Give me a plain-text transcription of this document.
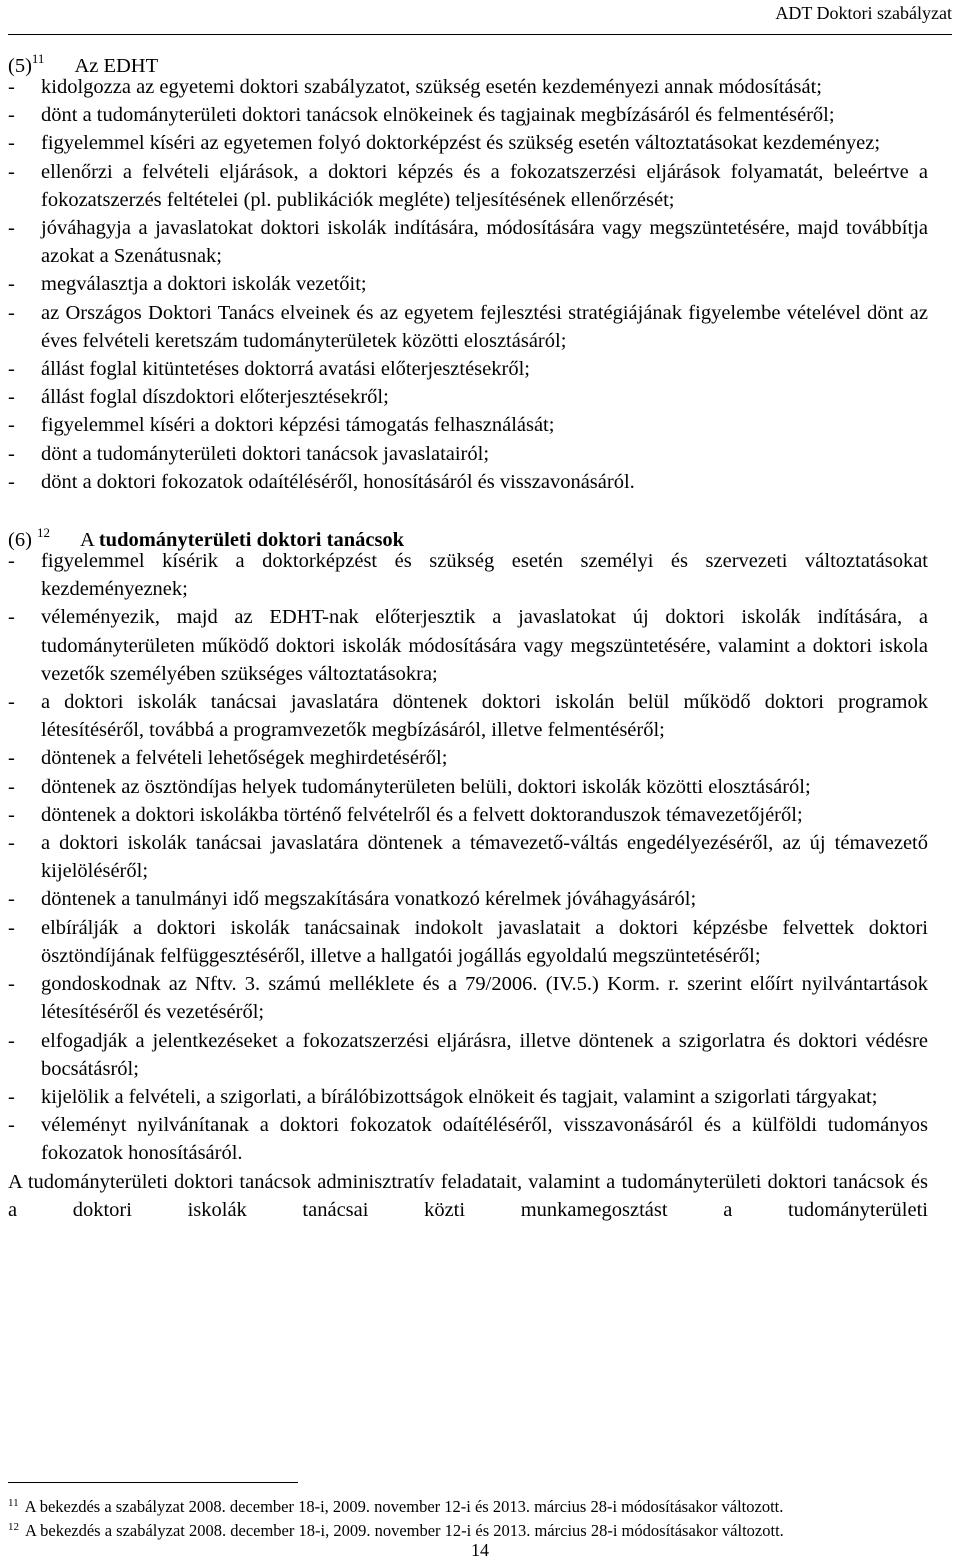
ADT Doktori szabályzat
$(5)^{11}$ Az EDHT
-	kidolgozza az egyetemi doktori szabályzatot, szükség esetén kezdeményezi annak módosítását;
-	dönt a tudományterületi doktori tanácsok elnökeinek és tagjainak megbízásáról és felmentéséről;
-	figyelemmel kíséri az egyetemen folyó doktorképzést és szükség esetén változtatásokat kezdeményez;
-	ellenőrzi a felvételi eljárások, a doktori képzés és a fokozatszerzési eljárások folyamatát, beleértve a fokozatszerzés feltételei (pl. publikációk megléte) teljesítésének ellenőrzését;
-	jóváhagyja a javaslatokat doktori iskolák indítására, módosítására vagy megszüntetésére, majd továbbítja azokat a Szenátusnak;
-	megválasztja a doktori iskolák vezetőit;
-	az Országos Doktori Tanács elveinek és az egyetem fejlesztési stratégiájának figyelembe vételével dönt az éves felvételi keretszám tudományterületek közötti elosztásáról;
-	állást foglal kitüntetéses doktorrá avatási előterjesztésekről;
-	állást foglal díszdoktori előterjesztésekről;
-	figyelemmel kíséri a doktori képzési támogatás felhasználását;
-	dönt a tudományterületi doktori tanácsok javaslatairól;
-	dönt a doktori fokozatok odaítéléséről, honosításáról és visszavonásáról.
(6) $^{12}$ A tudományterületi doktori tanácsok
-	figyelemmel kísérik a doktorképzést és szükség esetén személyi és szervezeti változtatásokat kezdeményeznek;
-	véleményezik, majd az EDHT-nak előterjesztik a javaslatokat új doktori iskolák indítására, a tudományterületen működő doktori iskolák módosítására vagy megszüntetésére, valamint a doktori iskola vezetők személyében szükséges változtatásokra;
-	a doktori iskolák tanácsai javaslatára döntenek doktori iskolán belül működő doktori programok létesítéséről, továbbá a programvezetők megbízásáról, illetve felmentéséről;
-	döntenek a felvételi lehetőségek meghirdetéséről;
-	döntenek az ösztöndíjas helyek tudományterületen belüli, doktori iskolák közötti elosztásáról;
-	döntenek a doktori iskolákba történő felvételről és a felvett doktoranduszok témavezetőjéről;
-	a doktori iskolák tanácsai javaslatára döntenek a témavezető-váltás engedélyezéséről, az új témavezető kijelöléséről;
-	döntenek a tanulmányi idő megszakítására vonatkozó kérelmek jóváhagyásáról;
-	elbírálják a doktori iskolák tanácsainak indokolt javaslatait a doktori képzésbe felvettek doktori ösztöndíjának felfüggesztéséről, illetve a hallgatói jogállás egyoldalú megszüntetéséről;
-	gondoskodnak az Nftv. 3. számú melléklete és a 79/2006. (IV.5.) Korm. r. szerint előírt nyilvántartások létesítéséről és vezetéséről;
-	elfogadják a jelentkezéseket a fokozatszerzési eljárásra, illetve döntenek a szigorlatra és doktori védésre bocsátásról;
-	kijelölik a felvételi, a szigorlati, a bírálóbizottságok elnökeit és tagjait, valamint a szigorlati tárgyakat;
-	véleményt nyilvánítanak a doktori fokozatok odaítéléséről, visszavonásáról és a külföldi tudományos fokozatok honosításáról.
A tudományterületi doktori tanácsok adminisztratív feladatait, valamint a tudományterületi doktori tanácsok és a doktori iskolák tanácsai közti munkamegosztást a tudományterületi
$^{11}$ A bekezdés a szabályzat 2008. december 18-i, 2009. november 12-i és 2013. március 28-i módosításakor változott.
$^{12}$ A bekezdés a szabályzat 2008. december 18-i, 2009. november 12-i és 2013. március 28-i módosításakor változott.
14
